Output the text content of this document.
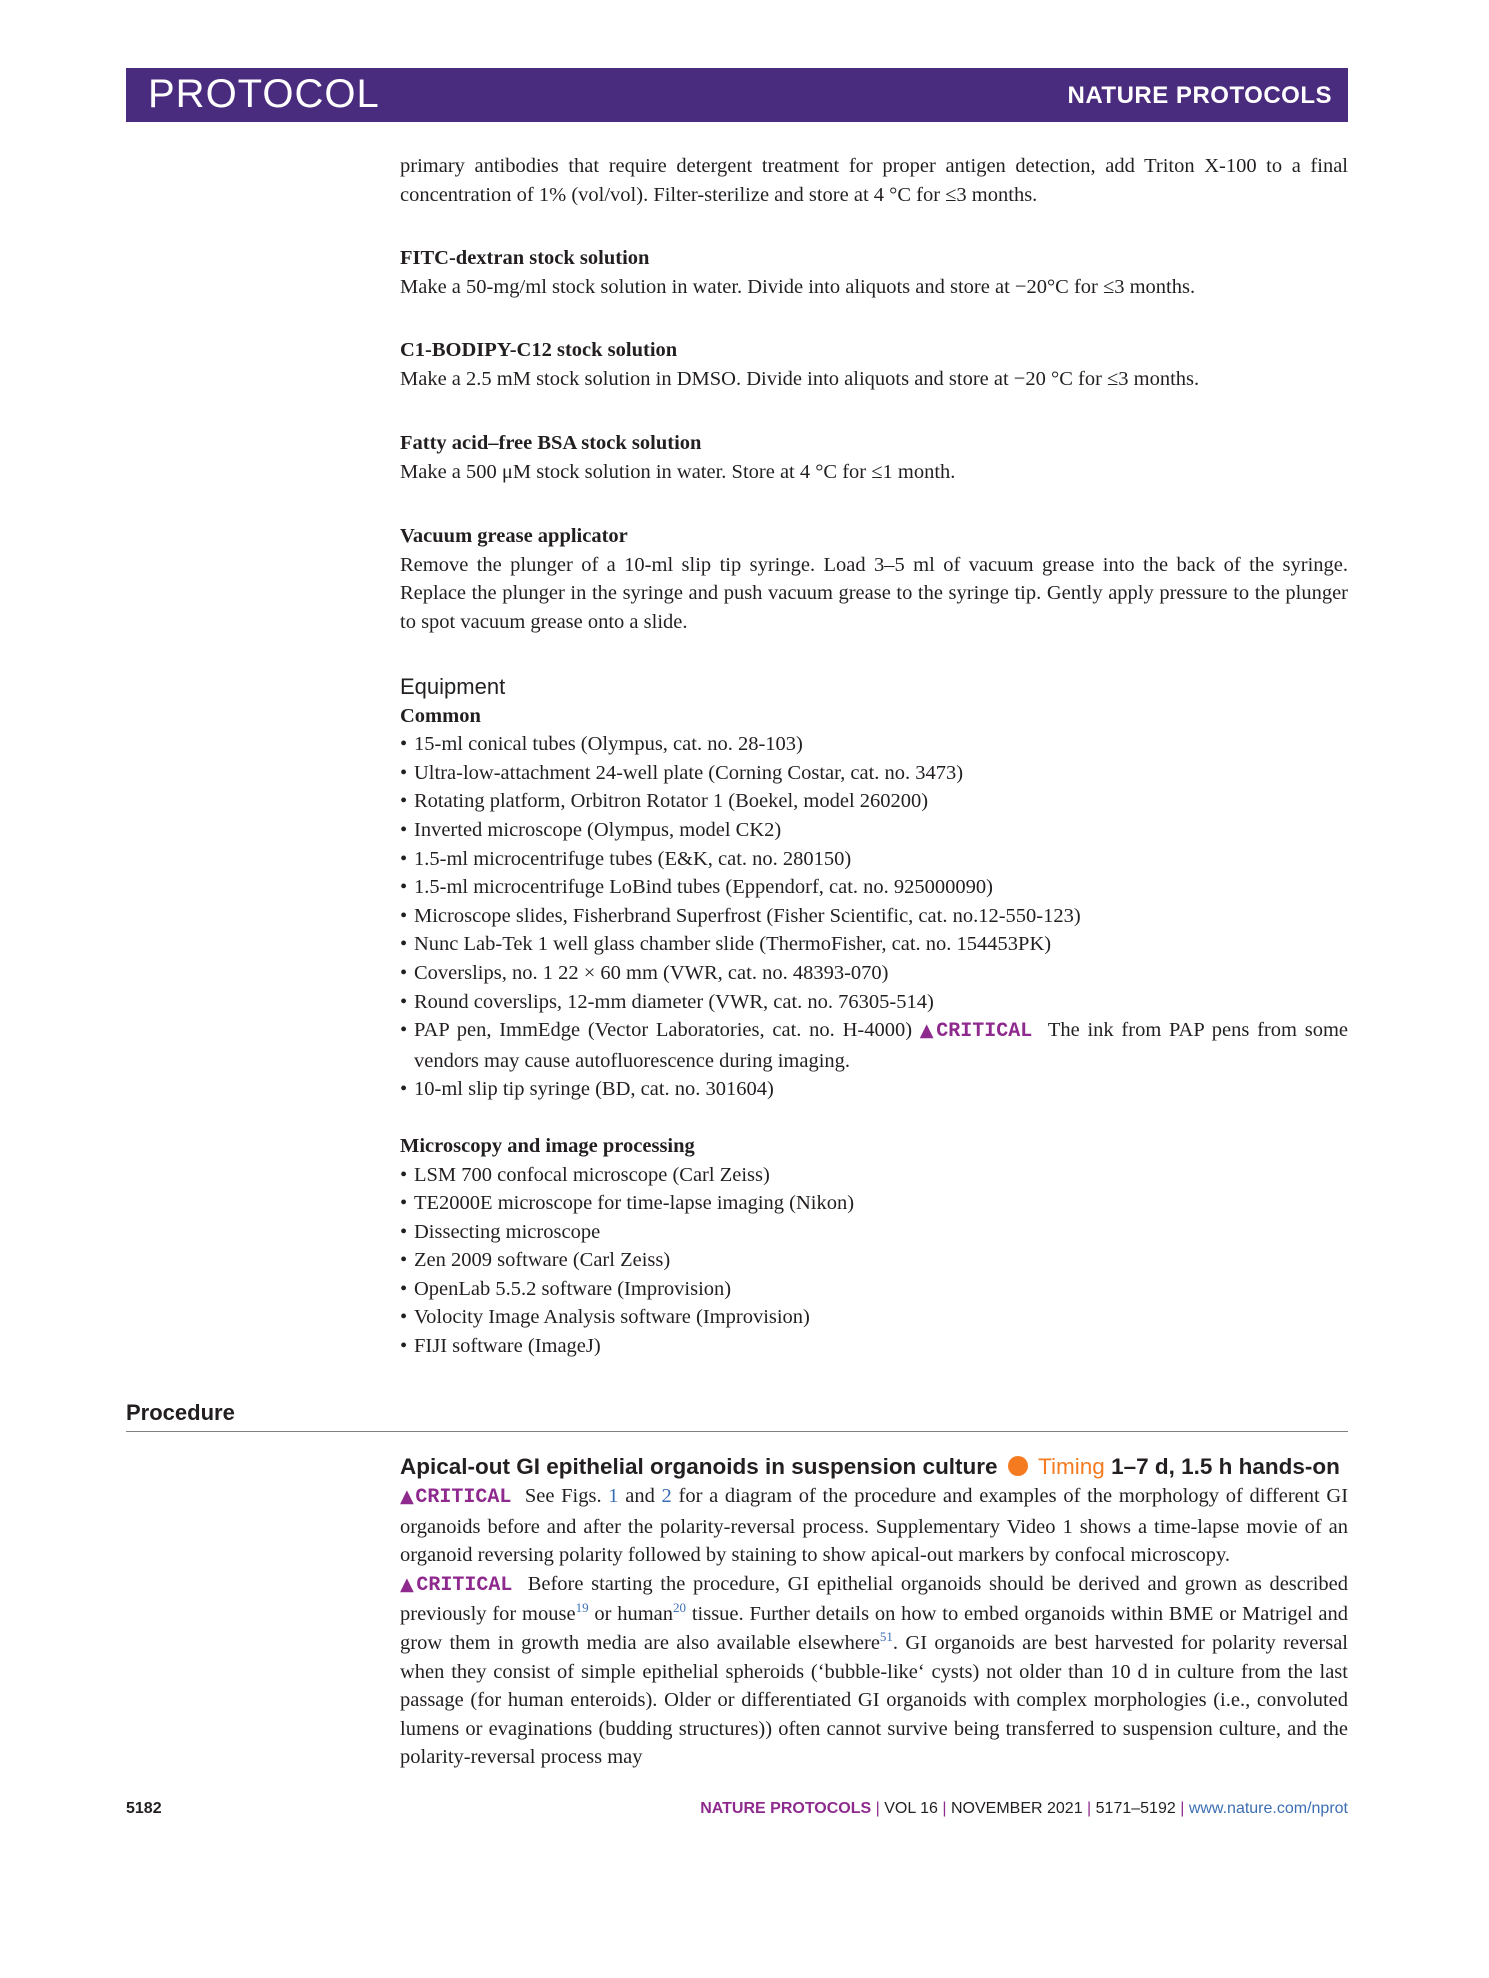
PROTOCOL	NATURE PROTOCOLS

primary antibodies that require detergent treatment for proper antigen detection, add Triton X-100 to a final concentration of 1% (vol/vol). Filter-sterilize and store at 4 °C for ≤3 months.

FITC-dextran stock solution

Make a 50-mg/ml stock solution in water. Divide into aliquots and store at −20°C for ≤3 months.

C1-BODIPY-C12 stock solution

Make a 2.5 mM stock solution in DMSO. Divide into aliquots and store at −20 °C for ≤3 months.

Fatty acid–free BSA stock solution

Make a 500 μM stock solution in water. Store at 4 °C for ≤1 month.

Vacuum grease applicator

Remove the plunger of a 10-ml slip tip syringe. Load 3–5 ml of vacuum grease into the back of the syringe. Replace the plunger in the syringe and push vacuum grease to the syringe tip. Gently apply pressure to the plunger to spot vacuum grease onto a slide.

Equipment
Common
• 15-ml conical tubes (Olympus, cat. no. 28-103)
• Ultra-low-attachment 24-well plate (Corning Costar, cat. no. 3473)
• Rotating platform, Orbitron Rotator 1 (Boekel, model 260200)
• Inverted microscope (Olympus, model CK2)
• 1.5-ml microcentrifuge tubes (E&K, cat. no. 280150)
• 1.5-ml microcentrifuge LoBind tubes (Eppendorf, cat. no. 925000090)
• Microscope slides, Fisherbrand Superfrost (Fisher Scientific, cat. no.12-550-123)
• Nunc Lab-Tek 1 well glass chamber slide (ThermoFisher, cat. no. 154453PK)
• Coverslips, no. 1 22 × 60 mm (VWR, cat. no. 48393-070)
• Round coverslips, 12-mm diameter (VWR, cat. no. 76305-514)
• PAP pen, ImmEdge (Vector Laboratories, cat. no. H-4000) ▲CRITICAL The ink from PAP pens from some vendors may cause autofluorescence during imaging.
• 10-ml slip tip syringe (BD, cat. no. 301604)
Microscopy and image processing
• LSM 700 confocal microscope (Carl Zeiss)
• TE2000E microscope for time-lapse imaging (Nikon)
• Dissecting microscope
• Zen 2009 software (Carl Zeiss)
• OpenLab 5.5.2 software (Improvision)
• Volocity Image Analysis software (Improvision)
• FIJI software (ImageJ)
Procedure
Apical-out GI epithelial organoids in suspension culture Timing 1–7 d, 1.5 h hands-on

▲CRITICAL See Figs. 1 and 2 for a diagram of the procedure and examples of the morphology of different GI organoids before and after the polarity-reversal process. Supplementary Video 1 shows a time-lapse movie of an organoid reversing polarity followed by staining to show apical-out markers by confocal microscopy.

▲CRITICAL Before starting the procedure, GI epithelial organoids should be derived and grown as described previously for mouse$^{19}$ or human$^{20}$ tissue. Further details on how to embed organoids within BME or Matrigel and grow them in growth media are also available elsewhere$^{51}$. GI organoids are best harvested for polarity reversal when they consist of simple epithelial spheroids (‘bubble-like‘ cysts) not older than 10 d in culture from the last passage (for human enteroids). Older or differentiated GI organoids with complex morphologies (i.e., convoluted lumens or evaginations (budding structures)) often cannot survive being transferred to suspension culture, and the polarity-reversal process may

5182	NATURE PROTOCOLS | VOL 16 | NOVEMBER 2021 | 5171–5192 | www.nature.com/nprot
